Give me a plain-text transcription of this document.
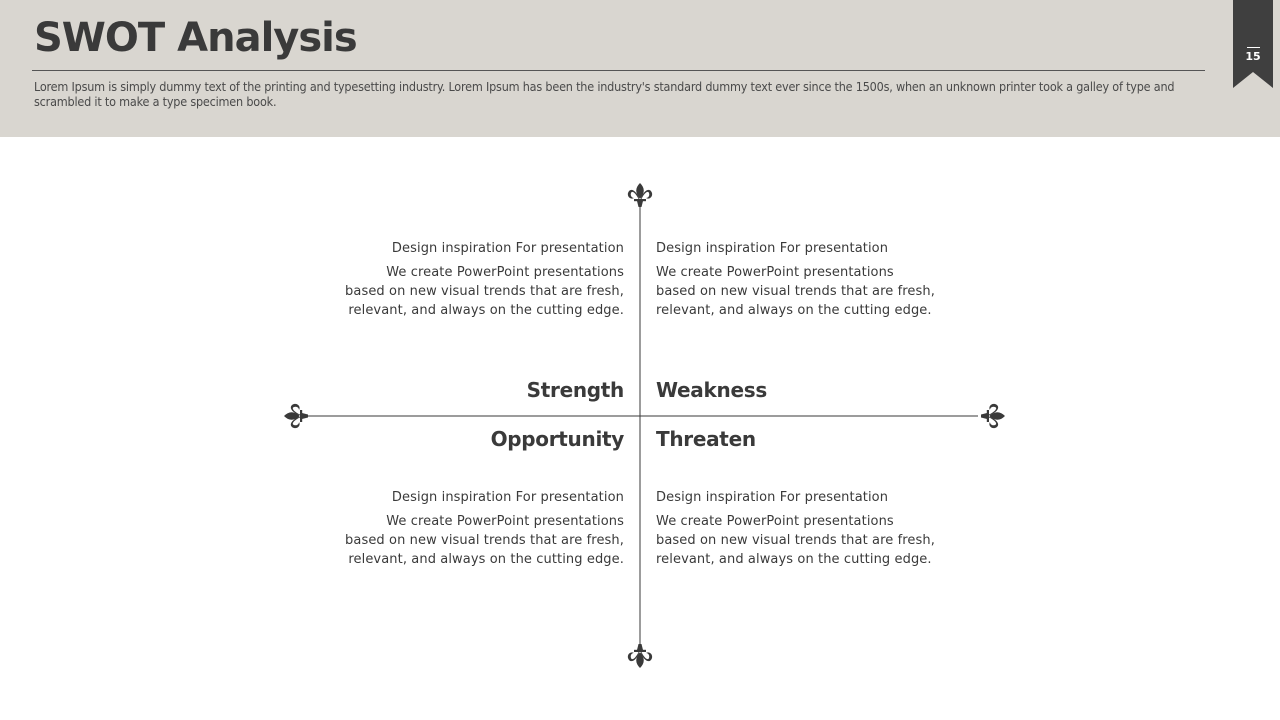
SWOT Analysis

Lorem Ipsum is simply dummy text of the printing and typesetting industry. Lorem Ipsum has been the industry's standard dummy text ever since the 1500s, when an unknown printer took a galley of type and scrambled it to make a type specimen book.

15

Design inspiration For presentation

We create PowerPoint presentations
based on new visual trends that are fresh,
relevant, and always on the cutting edge.

Design inspiration For presentation

We create PowerPoint presentations
based on new visual trends that are fresh,
relevant, and always on the cutting edge.

Design inspiration For presentation

We create PowerPoint presentations
based on new visual trends that are fresh,
relevant, and always on the cutting edge.

Design inspiration For presentation

We create PowerPoint presentations
based on new visual trends that are fresh,
relevant, and always on the cutting edge.

Strength Weakness
Opportunity Threaten
